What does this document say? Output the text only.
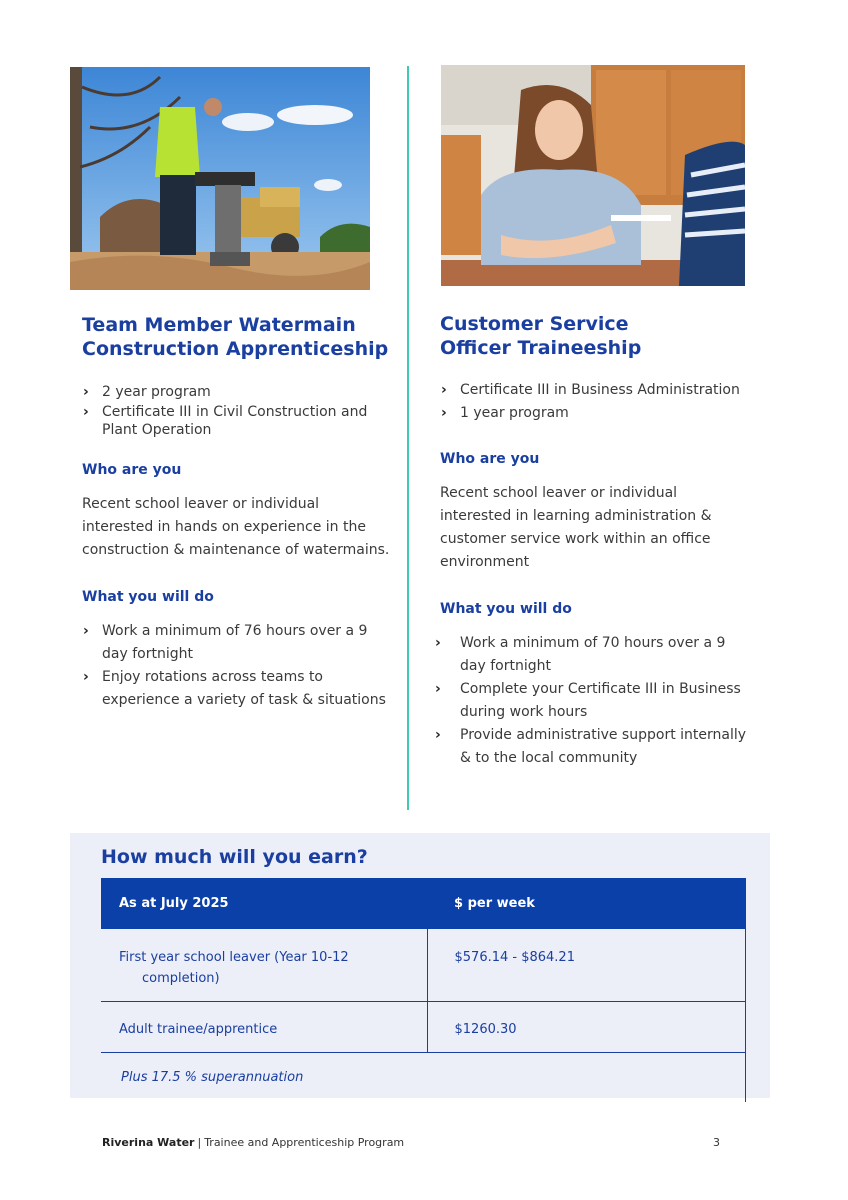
Team Member Watermain
Construction Apprenticeship
› 2 year program
› Certificate III in Civil Construction and Plant Operation
Who are you

Recent school leaver or individual interested in hands on experience in the construction & maintenance of watermains.

What you will do
› Work a minimum of 76 hours over a 9 day fortnight
› Enjoy rotations across teams to experience a variety of task & situations
Customer Service
Officer Traineeship
› Certificate III in Business Administration
› 1 year program
Who are you

Recent school leaver or individual interested in learning administration & customer service work within an office environment

What you will do
› Work a minimum of 70 hours over a 9 day fortnight
› Complete your Certificate III in Business during work hours
› Provide administrative support internally & to the local community
How much will you earn?
As at July 2025	$ per week
First year school leaver (Year 10-12
completion)	$576.14 - $864.21
Adult trainee/apprentice	$1260.30
Plus 17.5 % superannuation
Riverina Water | Trainee and Apprenticeship Program	3
